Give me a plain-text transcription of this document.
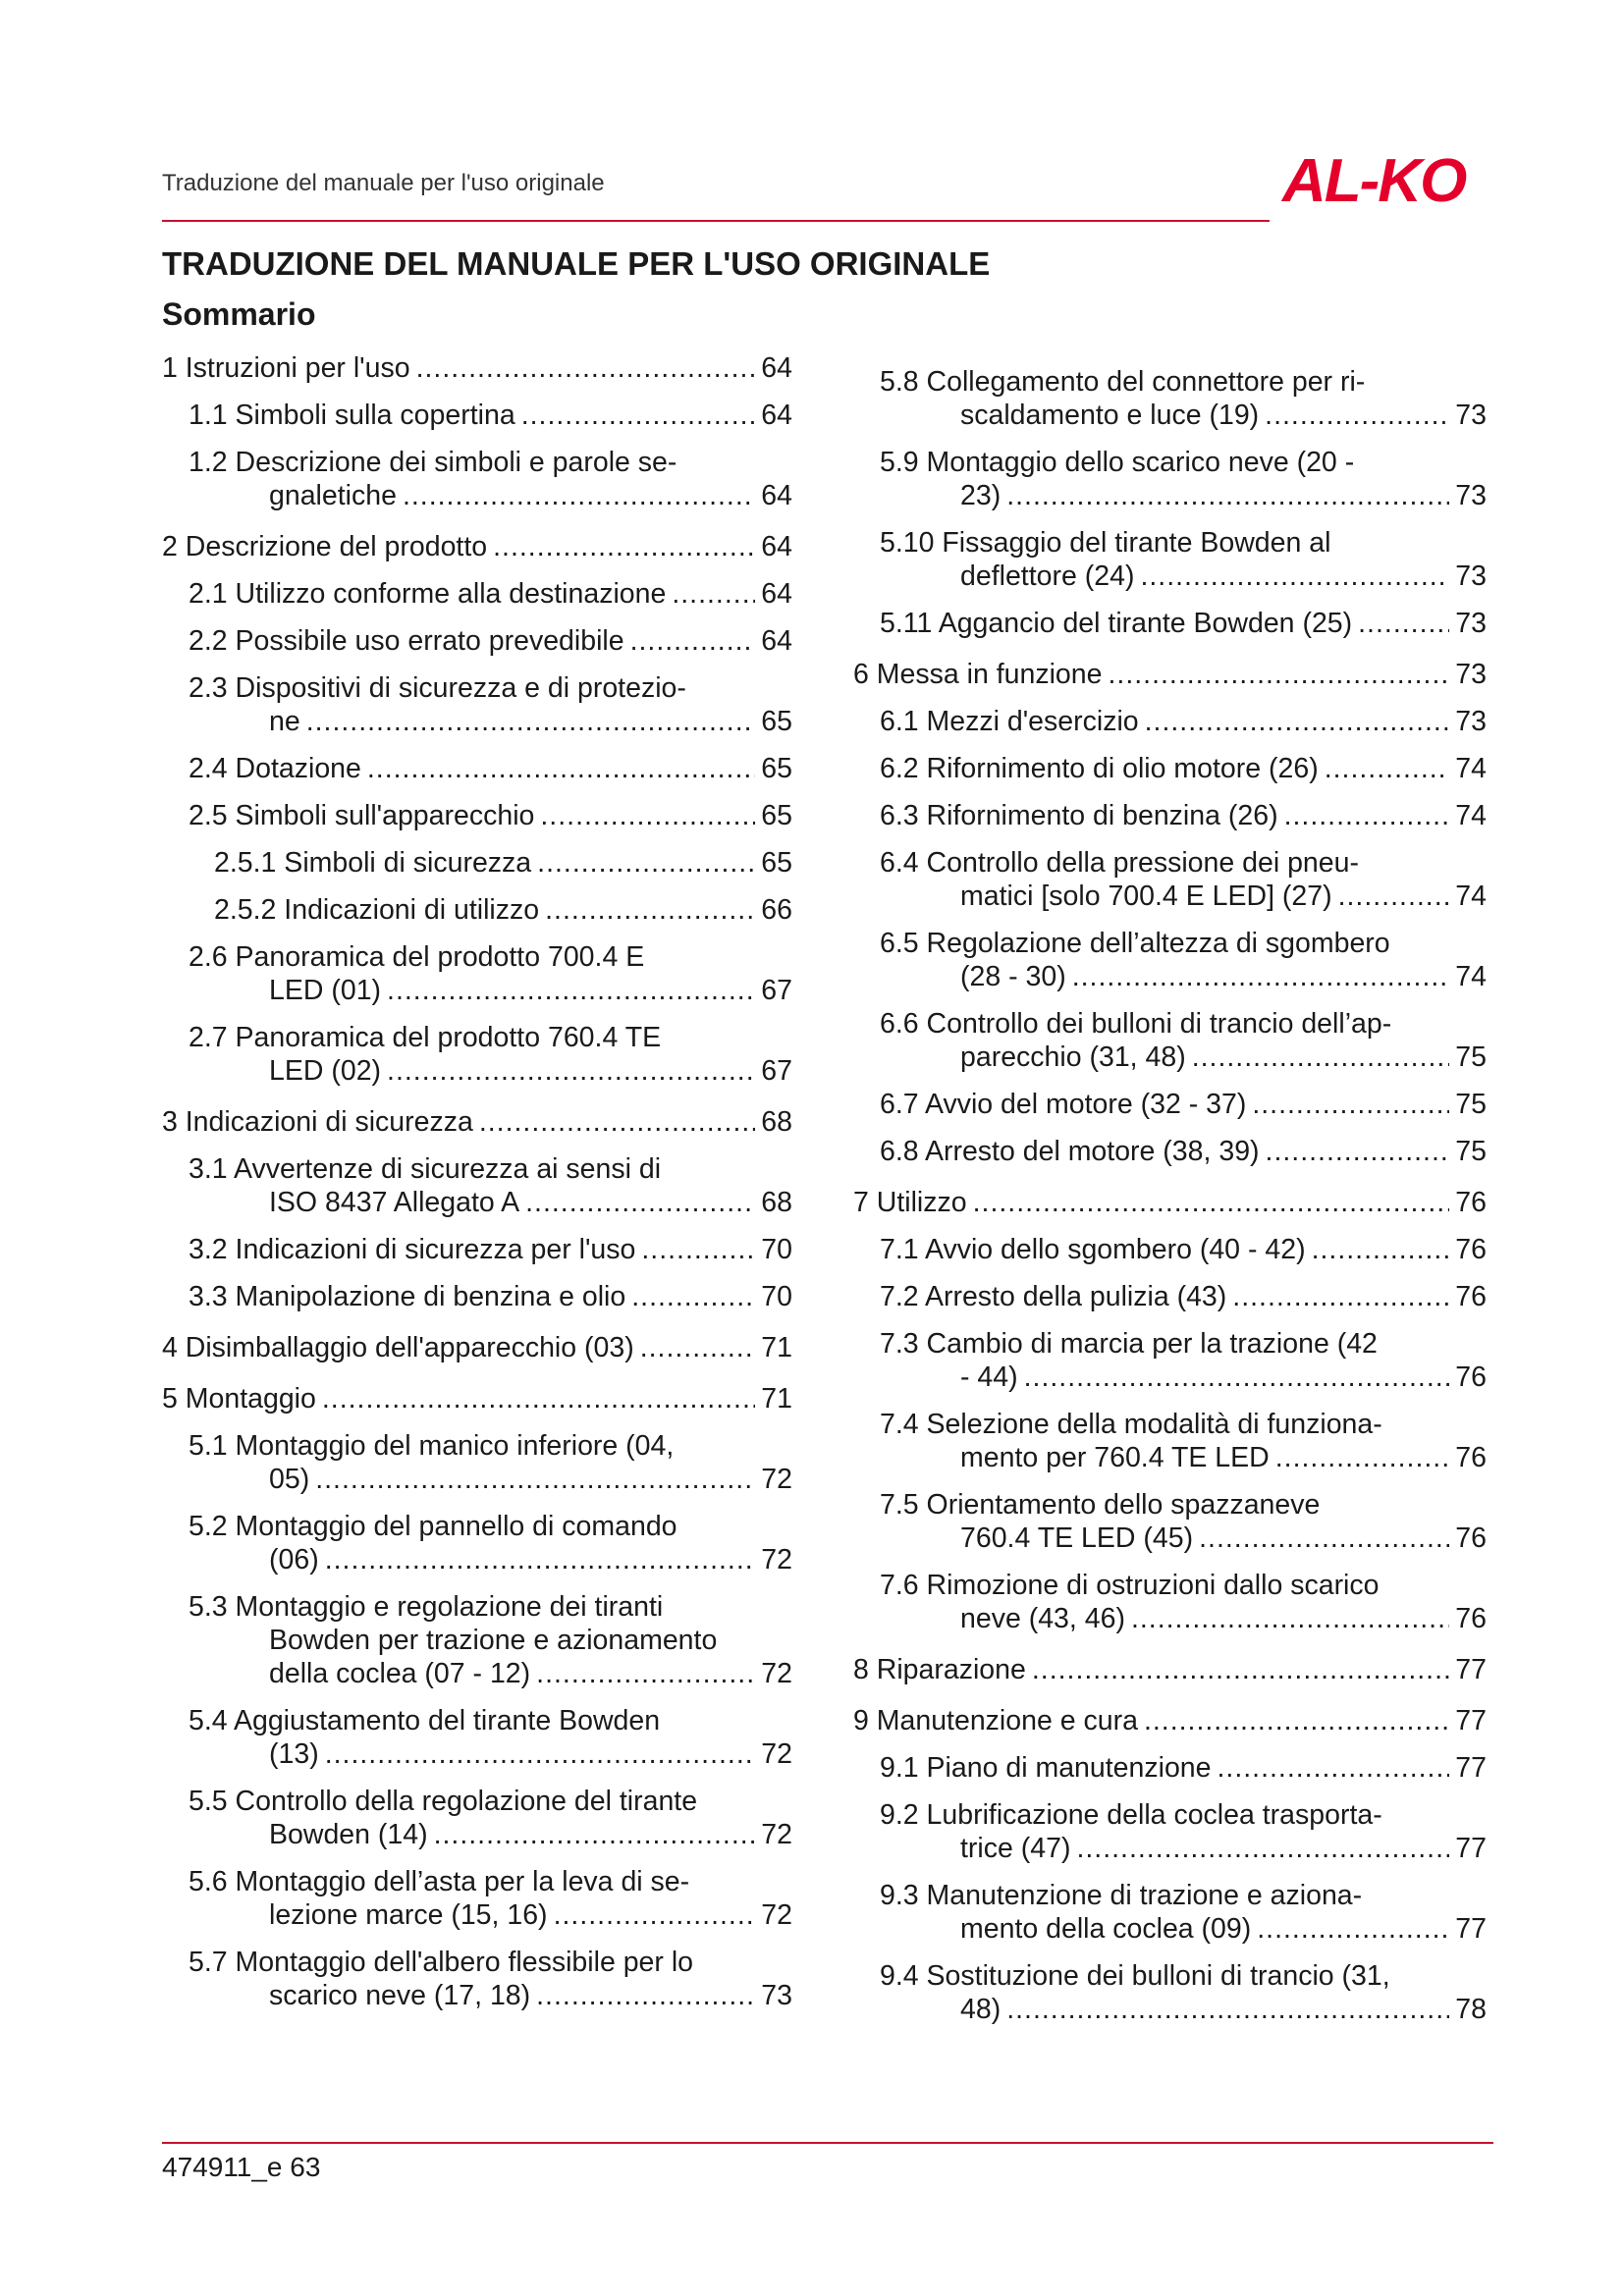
Traduzione del manuale per l'uso originale	AL-KO
TRADUZIONE DEL MANUALE PER L'USO ORIGINALE
Sommario
1 Istruzioni per l'uso .....	64
1.1 Simboli sulla copertina .....	64
1.2 Descrizione dei simboli e parole se-
gnaletiche .....	64
2 Descrizione del prodotto .....	64
2.1 Utilizzo conforme alla destinazione .....	64
2.2 Possibile uso errato prevedibile .....	64
2.3 Dispositivi di sicurezza e di protezio-
ne .....	65
2.4 Dotazione .....	65
2.5 Simboli sull'apparecchio .....	65
2.5.1 Simboli di sicurezza .....	65
2.5.2 Indicazioni di utilizzo .....	66
2.6 Panoramica del prodotto 700.4 E
LED (01) .....	67
2.7 Panoramica del prodotto 760.4 TE
LED (02) .....	67
3 Indicazioni di sicurezza .....	68
3.1 Avvertenze di sicurezza ai sensi di
ISO 8437 Allegato A .....	68
3.2 Indicazioni di sicurezza per l'uso .....	70
3.3 Manipolazione di benzina e olio .....	70
4 Disimballaggio dell'apparecchio (03) .....	71
5 Montaggio .....	71
5.1 Montaggio del manico inferiore (04,
05) .....	72
5.2 Montaggio del pannello di comando
(06) .....	72
5.3 Montaggio e regolazione dei tiranti
Bowden per trazione e azionamento
della coclea (07 - 12) .....	72
5.4 Aggiustamento del tirante Bowden
(13) .....	72
5.5 Controllo della regolazione del tirante
Bowden (14) .....	72
5.6 Montaggio dell’asta per la leva di se-
lezione marce (15, 16) .....	72
5.7 Montaggio dell'albero flessibile per lo
scarico neve (17, 18) .....	73
5.8 Collegamento del connettore per ri-
scaldamento e luce (19) .....	73
5.9 Montaggio dello scarico neve (20 -
23) .....	73
5.10 Fissaggio del tirante Bowden al
deflettore (24) .....	73
5.11 Aggancio del tirante Bowden (25) .....	73
6 Messa in funzione .....	73
6.1 Mezzi d'esercizio .....	73
6.2 Rifornimento di olio motore (26) .....	74
6.3 Rifornimento di benzina (26) .....	74
6.4 Controllo della pressione dei pneu-
matici [solo 700.4 E LED] (27) .....	74
6.5 Regolazione dell’altezza di sgombero
(28 - 30) .....	74
6.6 Controllo dei bulloni di trancio dell’ap-
parecchio (31, 48) .....	75
6.7 Avvio del motore (32 - 37) .....	75
6.8 Arresto del motore (38, 39) .....	75
7 Utilizzo .....	76
7.1 Avvio dello sgombero (40 - 42) .....	76
7.2 Arresto della pulizia (43) .....	76
7.3 Cambio di marcia per la trazione (42
- 44) .....	76
7.4 Selezione della modalità di funziona-
mento per 760.4 TE LED .....	76
7.5 Orientamento dello spazzaneve
760.4 TE LED (45) .....	76
7.6 Rimozione di ostruzioni dallo scarico
neve (43, 46) .....	76
8 Riparazione .....	77
9 Manutenzione e cura .....	77
9.1 Piano di manutenzione .....	77
9.2 Lubrificazione della coclea trasporta-
trice (47) .....	77
9.3 Manutenzione di trazione e aziona-
mento della coclea (09) .....	77
9.4 Sostituzione dei bulloni di trancio (31,
48) .....	78
474911_e 63
